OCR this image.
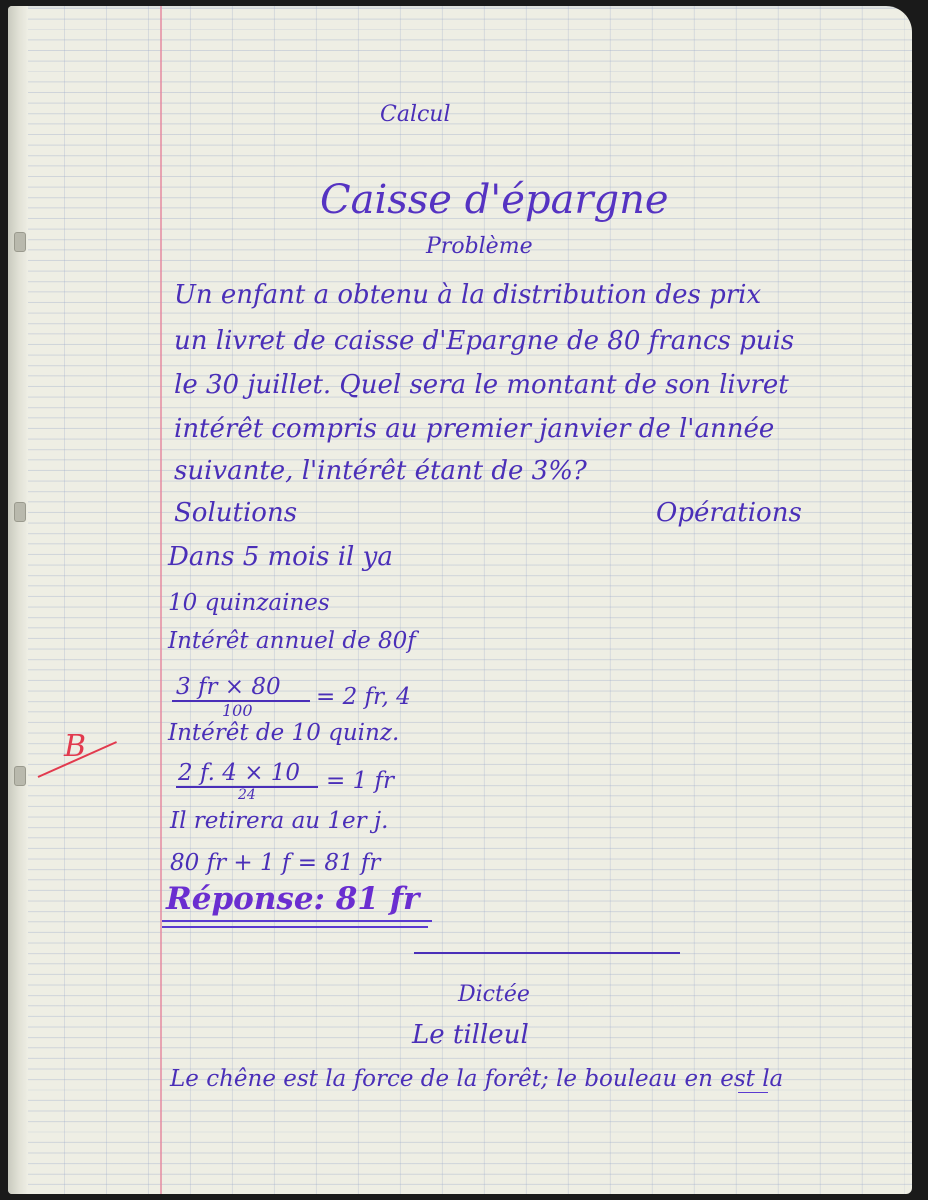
Calcul
Caisse d'épargne
Problème
Un enfant a obtenu à la distribution des prix
un livret de caisse d'Epargne de 80 francs puis
le 30 juillet. Quel sera le montant de son livret
intérêt compris au premier janvier de l'année
suivante, l'intérêt étant de 3%?
Solutions	Opérations
Dans 5 mois il ya
10 quinzaines
Intérêt annuel de 80f
3 fr × 80
100
= 2 fr, 4
Intérêt de 10 quinz.
2 f. 4 × 10
24
= 1 fr
Il retirera au 1er j.
80 fr + 1 f = 81 fr
Réponse: 81 fr
B
Dictée
Le tilleul
Le chêne est la force de la forêt; le bouleau en est la
